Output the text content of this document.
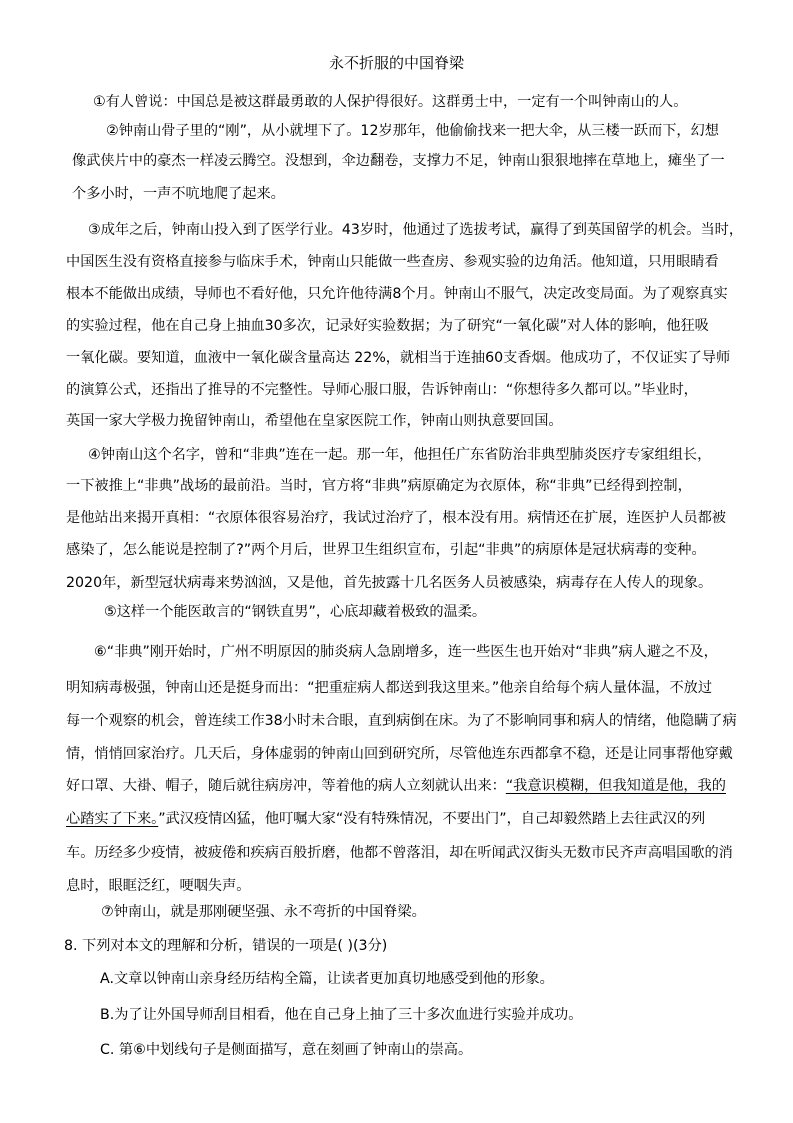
永不折服的中国脊梁
①有人曾说：中国总是被这群最勇敢的人保护得很好。这群勇士中，一定有一个叫钟南山的人。
②钟南山骨子里的“刚”，从小就埋下了。12岁那年，他偷偷找来一把大伞，从三楼一跃而下，幻想
像武侠片中的豪杰一样凌云腾空。没想到，伞边翻卷，支撑力不足，钟南山狠狠地摔在草地上，瘫坐了一
个多小时，一声不吭地爬了起来。
③成年之后，钟南山投入到了医学行业。43岁时，他通过了选拔考试，赢得了到英国留学的机会。当时，
中国医生没有资格直接参与临床手术，钟南山只能做一些查房、参观实验的边角活。他知道，只用眼睛看
根本不能做出成绩，导师也不看好他，只允许他待满8个月。钟南山不服气，决定改变局面。为了观察真实
的实验过程，他在自己身上抽血30多次，记录好实验数据；为了研究“一氧化碳”对人体的影响，他狂吸
一氧化碳。要知道，血液中一氧化碳含量高达 22%，就相当于连抽60支香烟。他成功了，不仅证实了导师
的演算公式，还指出了推导的不完整性。导师心服口服，告诉钟南山：“你想待多久都可以。”毕业时，
英国一家大学极力挽留钟南山，希望他在皇家医院工作，钟南山则执意要回国。
④钟南山这个名字，曾和“非典”连在一起。那一年，他担任广东省防治非典型肺炎医疗专家组组长，
一下被推上“非典”战场的最前沿。当时，官方将“非典”病原确定为衣原体，称“非典”已经得到控制，
是他站出来揭开真相：“衣原体很容易治疗，我试过治疗了，根本没有用。病情还在扩展，连医护人员都被
感染了，怎么能说是控制了?”两个月后，世界卫生组织宣布，引起“非典”的病原体是冠状病毒的变种。
2020年，新型冠状病毒来势汹汹，又是他，首先披露十几名医务人员被感染，病毒存在人传人的现象。
⑤这样一个能医敢言的“钢铁直男”，心底却藏着极致的温柔。
⑥“非典”刚开始时，广州不明原因的肺炎病人急剧增多，连一些医生也开始对“非典”病人避之不及，
明知病毒极强，钟南山还是挺身而出：“把重症病人都送到我这里来。”他亲自给每个病人量体温，不放过
每一个观察的机会，曾连续工作38小时未合眼，直到病倒在床。为了不影响同事和病人的情绪，他隐瞒了病
情，悄悄回家治疗。几天后，身体虚弱的钟南山回到研究所，尽管他连东西都拿不稳，还是让同事帮他穿戴
好口罩、大褂、帽子，随后就往病房冲，等着他的病人立刻就认出来：“我意识模糊，但我知道是他，我的
心踏实了下来。”武汉疫情凶猛，他叮嘱大家“没有特殊情况，不要出门”，自己却毅然踏上去往武汉的列
车。历经多少疫情，被疲倦和疾病百般折磨，他都不曾落泪，却在听闻武汉街头无数市民齐声高唱国歌的消
息时，眼眶泛红，哽咽失声。
⑦钟南山，就是那刚硬坚强、永不弯折的中国脊梁。
8. 下列对本文的理解和分析，错误的一项是( )(3分)
A.文章以钟南山亲身经历结构全篇，让读者更加真切地感受到他的形象。
B.为了让外国导师刮目相看，他在自己身上抽了三十多次血进行实验并成功。
C. 第⑥中划线句子是侧面描写，意在刻画了钟南山的崇高。
